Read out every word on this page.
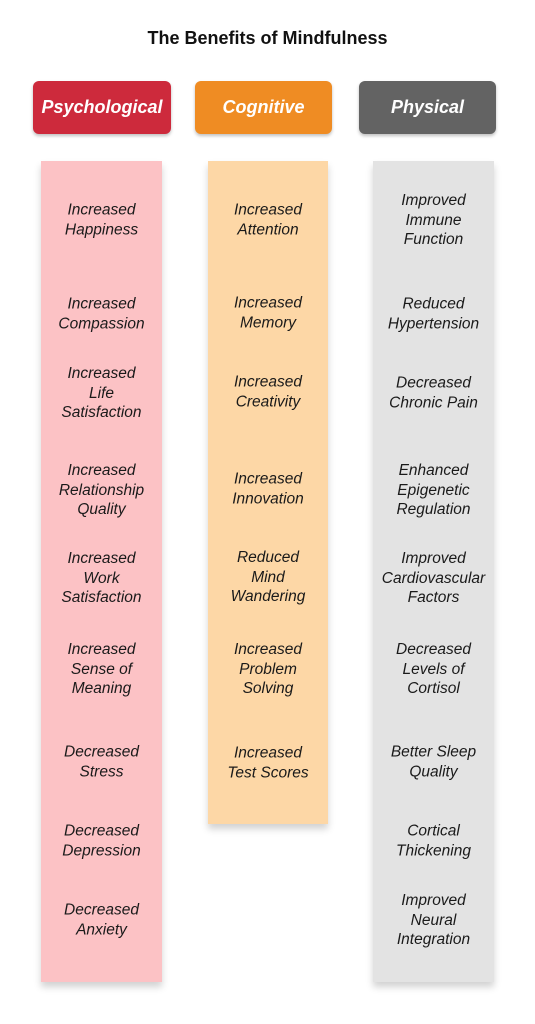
The Benefits of Mindfulness
Psychological	Cognitive	Physical
Increased
Happiness
Increased
Compassion
Increased
Life
Satisfaction
Increased
Relationship
Quality
Increased
Work
Satisfaction
Increased
Sense of
Meaning
Decreased
Stress
Decreased
Depression
Decreased
Anxiety
Increased
Attention
Increased
Memory
Increased
Creativity
Increased
Innovation
Reduced
Mind
Wandering
Increased
Problem
Solving
Increased
Test Scores
Improved
Immune
Function
Reduced
Hypertension
Decreased
Chronic Pain
Enhanced
Epigenetic
Regulation
Improved
Cardiovascular
Factors
Decreased
Levels of
Cortisol
Better Sleep
Quality
Cortical
Thickening
Improved
Neural
Integration
